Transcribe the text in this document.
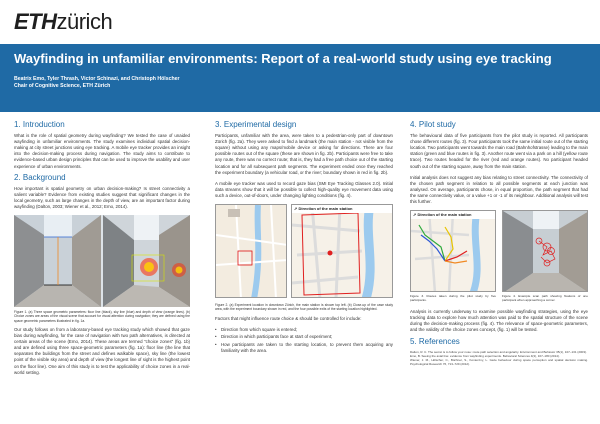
ETHzürich
Wayfinding in unfamiliar environments: Report of a real-world study using eye tracking
Beatrix Emo, Tyler Thrash, Victor Schinazi, and Christoph Hölscher
Chair of Cognitive Science, ETH Zürich
1. Introduction

What is the role of spatial geometry during wayfinding? We tested the case of unaided wayfinding in unfamiliar environments. The study examines individual spatial decision-making at city street junctions using eye tracking. A mobile eye tracker provides an insight into the decision-making process during navigation. The study aims to contribute to evidence-based urban design principles that can be used to improve the usability and user experience of urban environments.

2. Background

How important is spatial geometry on urban decision-making? Is street connectivity a salient variable? Evidence from existing studies suggest that significant changes in the local geometry, such as large changes in the depth of view, are an important factor during wayfinding (Dalton, 2003; Wiener et al., 2012; Emo, 2014).

Figure 1. (a) Three space geometric parameters: floor line (black), sky line (blue) and depth of view (orange lines). (b) Choice zones are areas of the visual scene that account for visual attention during navigation; they are defined using the space geometric parameters illustrated in fig. 1a.

Our study follows on from a laboratory-based eye tracking study which showed that gaze bias during wayfinding, for the case of navigation with two path alternatives, is directed at certain areas of the scene (Emo, 2014). These areas are termed "choice zones" (fig. 1b) and are defined using three space-geometric parameters (fig. 1a): floor line (the line that separates the buildings from the street and defines walkable space), sky line (the lowest point of the visible sky area) and depth of view (the longest line of sight is the highest point on the floor line). One aim of this study is to test the applicability of choice zones in a real-world setting.

3. Experimental design

Participants, unfamiliar with the area, were taken to a pedestrian-only part of downtown Zürich (fig. 2a). They were asked to find a landmark (the main station - not visible from the square) without using any maps/mobile device or asking for directions. There are four possible routes out of the square (these are shown in fig. 2b). Participants were free to take any route, there was no correct route; that is, they had a free path choice out of the starting location and for all subsequent path segments. The experiment ended once they reached the experiment boundary (a vehicular road, or the river; boundary shown in red in fig. 2b).

A mobile eye tracker was used to record gaze bias (SMI Eye Tracking Glasses 2.0). Initial data streams show that it will be possible to collect high-quality eye movement data using such a device, out-of-doors, under changing lighting conditions (fig. 4).

➚ Direction of the main station
Figure 2. (a) Experiment location in downtown Zürich, the main station is shown top left. (b) Close-up of the case study area, with the experiment boundary shown in red, and the four possible exits of the starting location highlighted.

Factors that might influence route choice & should be controlled for include:

• Direction from which square is entered;
• Direction in which participants face at start of experiment;
• How participants are taken to the starting location, to prevent them acquiring any familiarity with the area.
4. Pilot study

The behavioural data of five participants from the pilot study is reported. All participants chose different routes (fig. 3). Four participants took the same initial route out of the starting location. Two participants went towards the main road (Bahnhofstrasse) leading to the main station (green and blue routes in fig. 3). Another route went via a park on a hill (yellow route trace). Two routes headed for the river (red and orange routes). No participant headed south out of the starting square, away from the main station.

Initial analysis does not suggest any bias relating to street connectivity. The connectivity of the chosen path segment in relation to all possible segments at each junction was analysed. On average, participants chose, in equal proportion, the path segment that had the same connectivity value, or a value +1 or -1 of its neighbour. Additional analysis will test this further.

➚ Direction of the main station
Figure 3. Routes taken during the pilot study by five participants.
Figure 4. Example scan path showing fixations of one participant when approaching a corner.

Analysis is currently underway to examine possible wayfinding strategies, using the eye tracking data to explore how much attention was paid to the spatial structure of the scene during the decision-making process (fig. 4). The relevance of space-geometric parameters, and the validity of the choice zones concept, (fig. 1) will be tested.

5. References
Dalton, R. C. The secret is to follow your nose: route path selection and angularity. Environment and Behavior 35(1), 107–131 (2003).
Emo, B. Seeing the axial line: evidence from wayfinding experiments. Behavioral Sciences 4(3), 167–180 (2014).
Wiener, J. M., Hölscher, C., Büchner, S., Konieczny, L. Gaze behaviour during space perception and spatial decision making. Psychological Research 76, 713–729 (2012).
